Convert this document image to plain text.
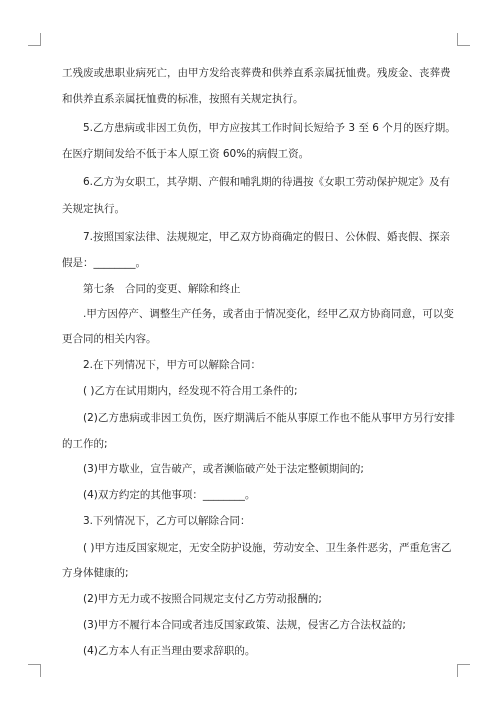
工残废或患职业病死亡，由甲方发给丧葬费和供养直系亲属抚恤费。残废金、丧葬费
和供养直系亲属抚恤费的标准，按照有关规定执行。
5.乙方患病或非因工负伤，甲方应按其工作时间长短给予 3 至 6 个月的医疗期。
在医疗期间发给不低于本人原工资 60%的病假工资。
6.乙方为女职工，其孕期、产假和哺乳期的待遇按《女职工劳动保护规定》及有
关规定执行。
7.按照国家法律、法规规定，甲乙双方协商确定的假日、公休假、婚丧假、探亲
假是：________。
第七条　合同的变更、解除和终止
.甲方因停产、调整生产任务，或者由于情况变化，经甲乙双方协商同意，可以变
更合同的相关内容。
2.在下列情况下，甲方可以解除合同：
( )乙方在试用期内，经发现不符合用工条件的;
(2)乙方患病或非因工负伤，医疗期满后不能从事原工作也不能从事甲方另行安排
的工作的;
(3)甲方歇业，宣告破产，或者濒临破产处于法定整顿期间的;
(4)双方约定的其他事项：________。
3.下列情况下，乙方可以解除合同：
( )甲方违反国家规定，无安全防护设施，劳动安全、卫生条件恶劣，严重危害乙
方身体健康的;
(2)甲方无力或不按照合同规定支付乙方劳动报酬的;
(3)甲方不履行本合同或者违反国家政策、法规，侵害乙方合法权益的;
(4)乙方本人有正当理由要求辞职的。
